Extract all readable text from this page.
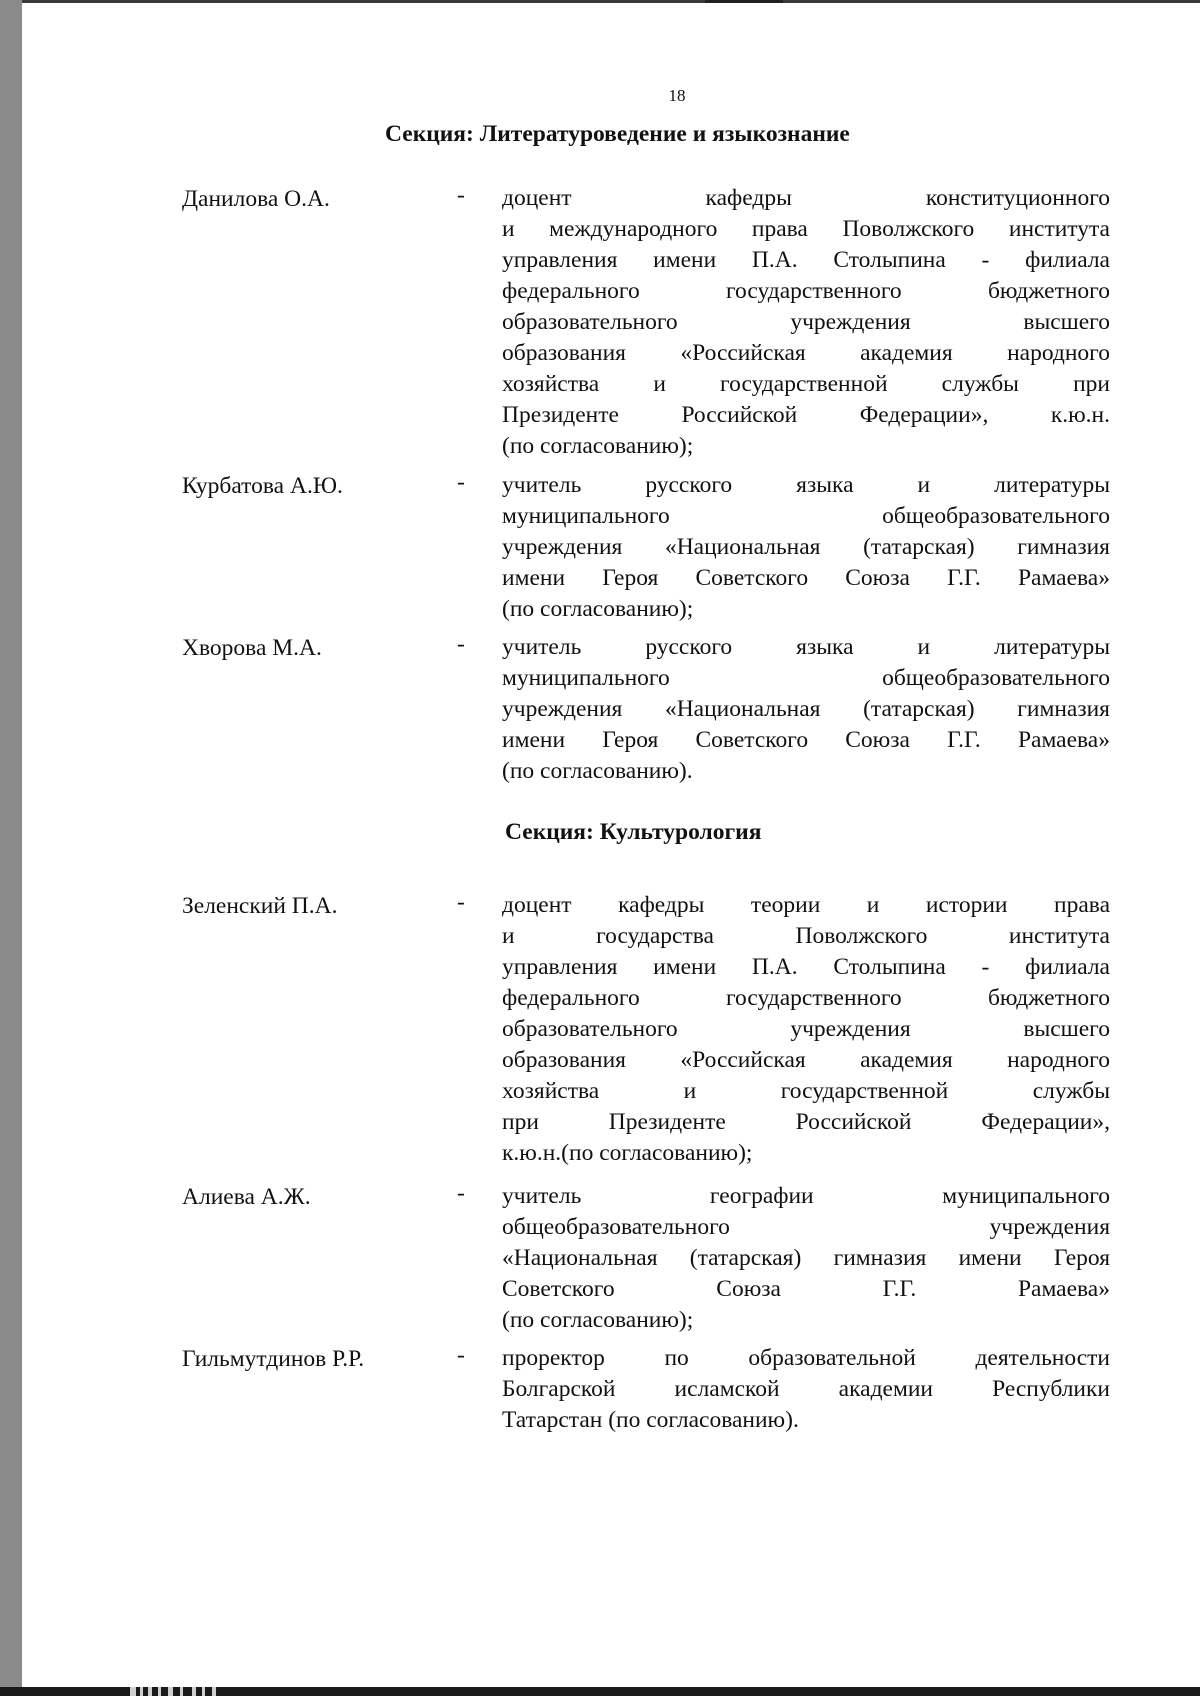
18
Секция: Литературоведение и языкознание
Данилова О.А.	- доцент кафедры конституционного
и международного права Поволжского института
управления имени П.А. Столыпина - филиала
федерального государственного бюджетного
образовательного учреждения высшего
образования «Российская академия народного
хозяйства и государственной службы при
Президенте Российской Федерации», к.ю.н.
(по согласованию);
Курбатова А.Ю.	- учитель русского языка и литературы
муниципального общеобразовательного
учреждения «Национальная (татарская) гимназия
имени Героя Советского Союза Г.Г. Рамаева»
(по согласованию);
Хворова М.А.	- учитель русского языка и литературы
муниципального общеобразовательного
учреждения «Национальная (татарская) гимназия
имени Героя Советского Союза Г.Г. Рамаева»
(по согласованию).
Секция: Культурология
Зеленский П.А.	- доцент кафедры теории и истории права
и государства Поволжского института
управления имени П.А. Столыпина - филиала
федерального государственного бюджетного
образовательного учреждения высшего
образования «Российская академия народного
хозяйства и государственной службы
при Президенте Российской Федерации»,
к.ю.н.(по согласованию);
Алиева А.Ж.	- учитель географии муниципального
общеобразовательного учреждения
«Национальная (татарская) гимназия имени Героя
Советского Союза Г.Г. Рамаева»
(по согласованию);
Гильмутдинов Р.Р.	- проректор по образовательной деятельности
Болгарской исламской академии Республики
Татарстан (по согласованию).
